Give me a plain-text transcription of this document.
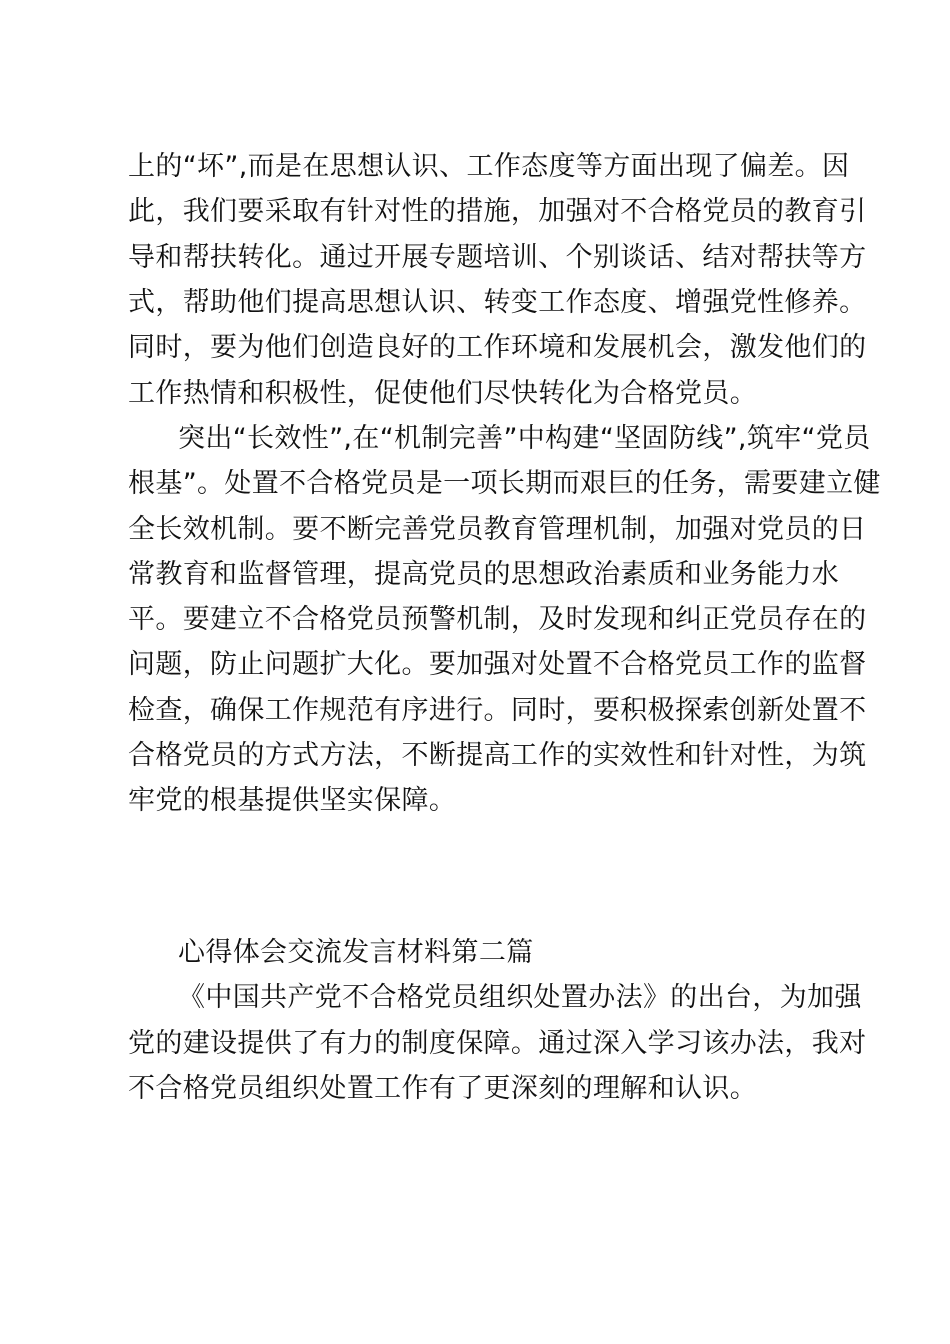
上的“坏”,而是在思想认识、工作态度等方面出现了偏差。因
此，我们要采取有针对性的措施，加强对不合格党员的教育引
导和帮扶转化。通过开展专题培训、个别谈话、结对帮扶等方
式，帮助他们提高思想认识、转变工作态度、增强党性修养。
同时，要为他们创造良好的工作环境和发展机会，激发他们的
工作热情和积极性，促使他们尽快转化为合格党员。
突出“长效性”,在“机制完善”中构建“坚固防线”,筑牢“党员
根基”。处置不合格党员是一项长期而艰巨的任务，需要建立健
全长效机制。要不断完善党员教育管理机制，加强对党员的日
常教育和监督管理，提高党员的思想政治素质和业务能力水
平。要建立不合格党员预警机制，及时发现和纠正党员存在的
问题，防止问题扩大化。要加强对处置不合格党员工作的监督
检查，确保工作规范有序进行。同时，要积极探索创新处置不
合格党员的方式方法，不断提高工作的实效性和针对性，为筑
牢党的根基提供坚实保障。
心得体会交流发言材料第二篇
《中国共产党不合格党员组织处置办法》的出台，为加强
党的建设提供了有力的制度保障。通过深入学习该办法，我对
不合格党员组织处置工作有了更深刻的理解和认识。
